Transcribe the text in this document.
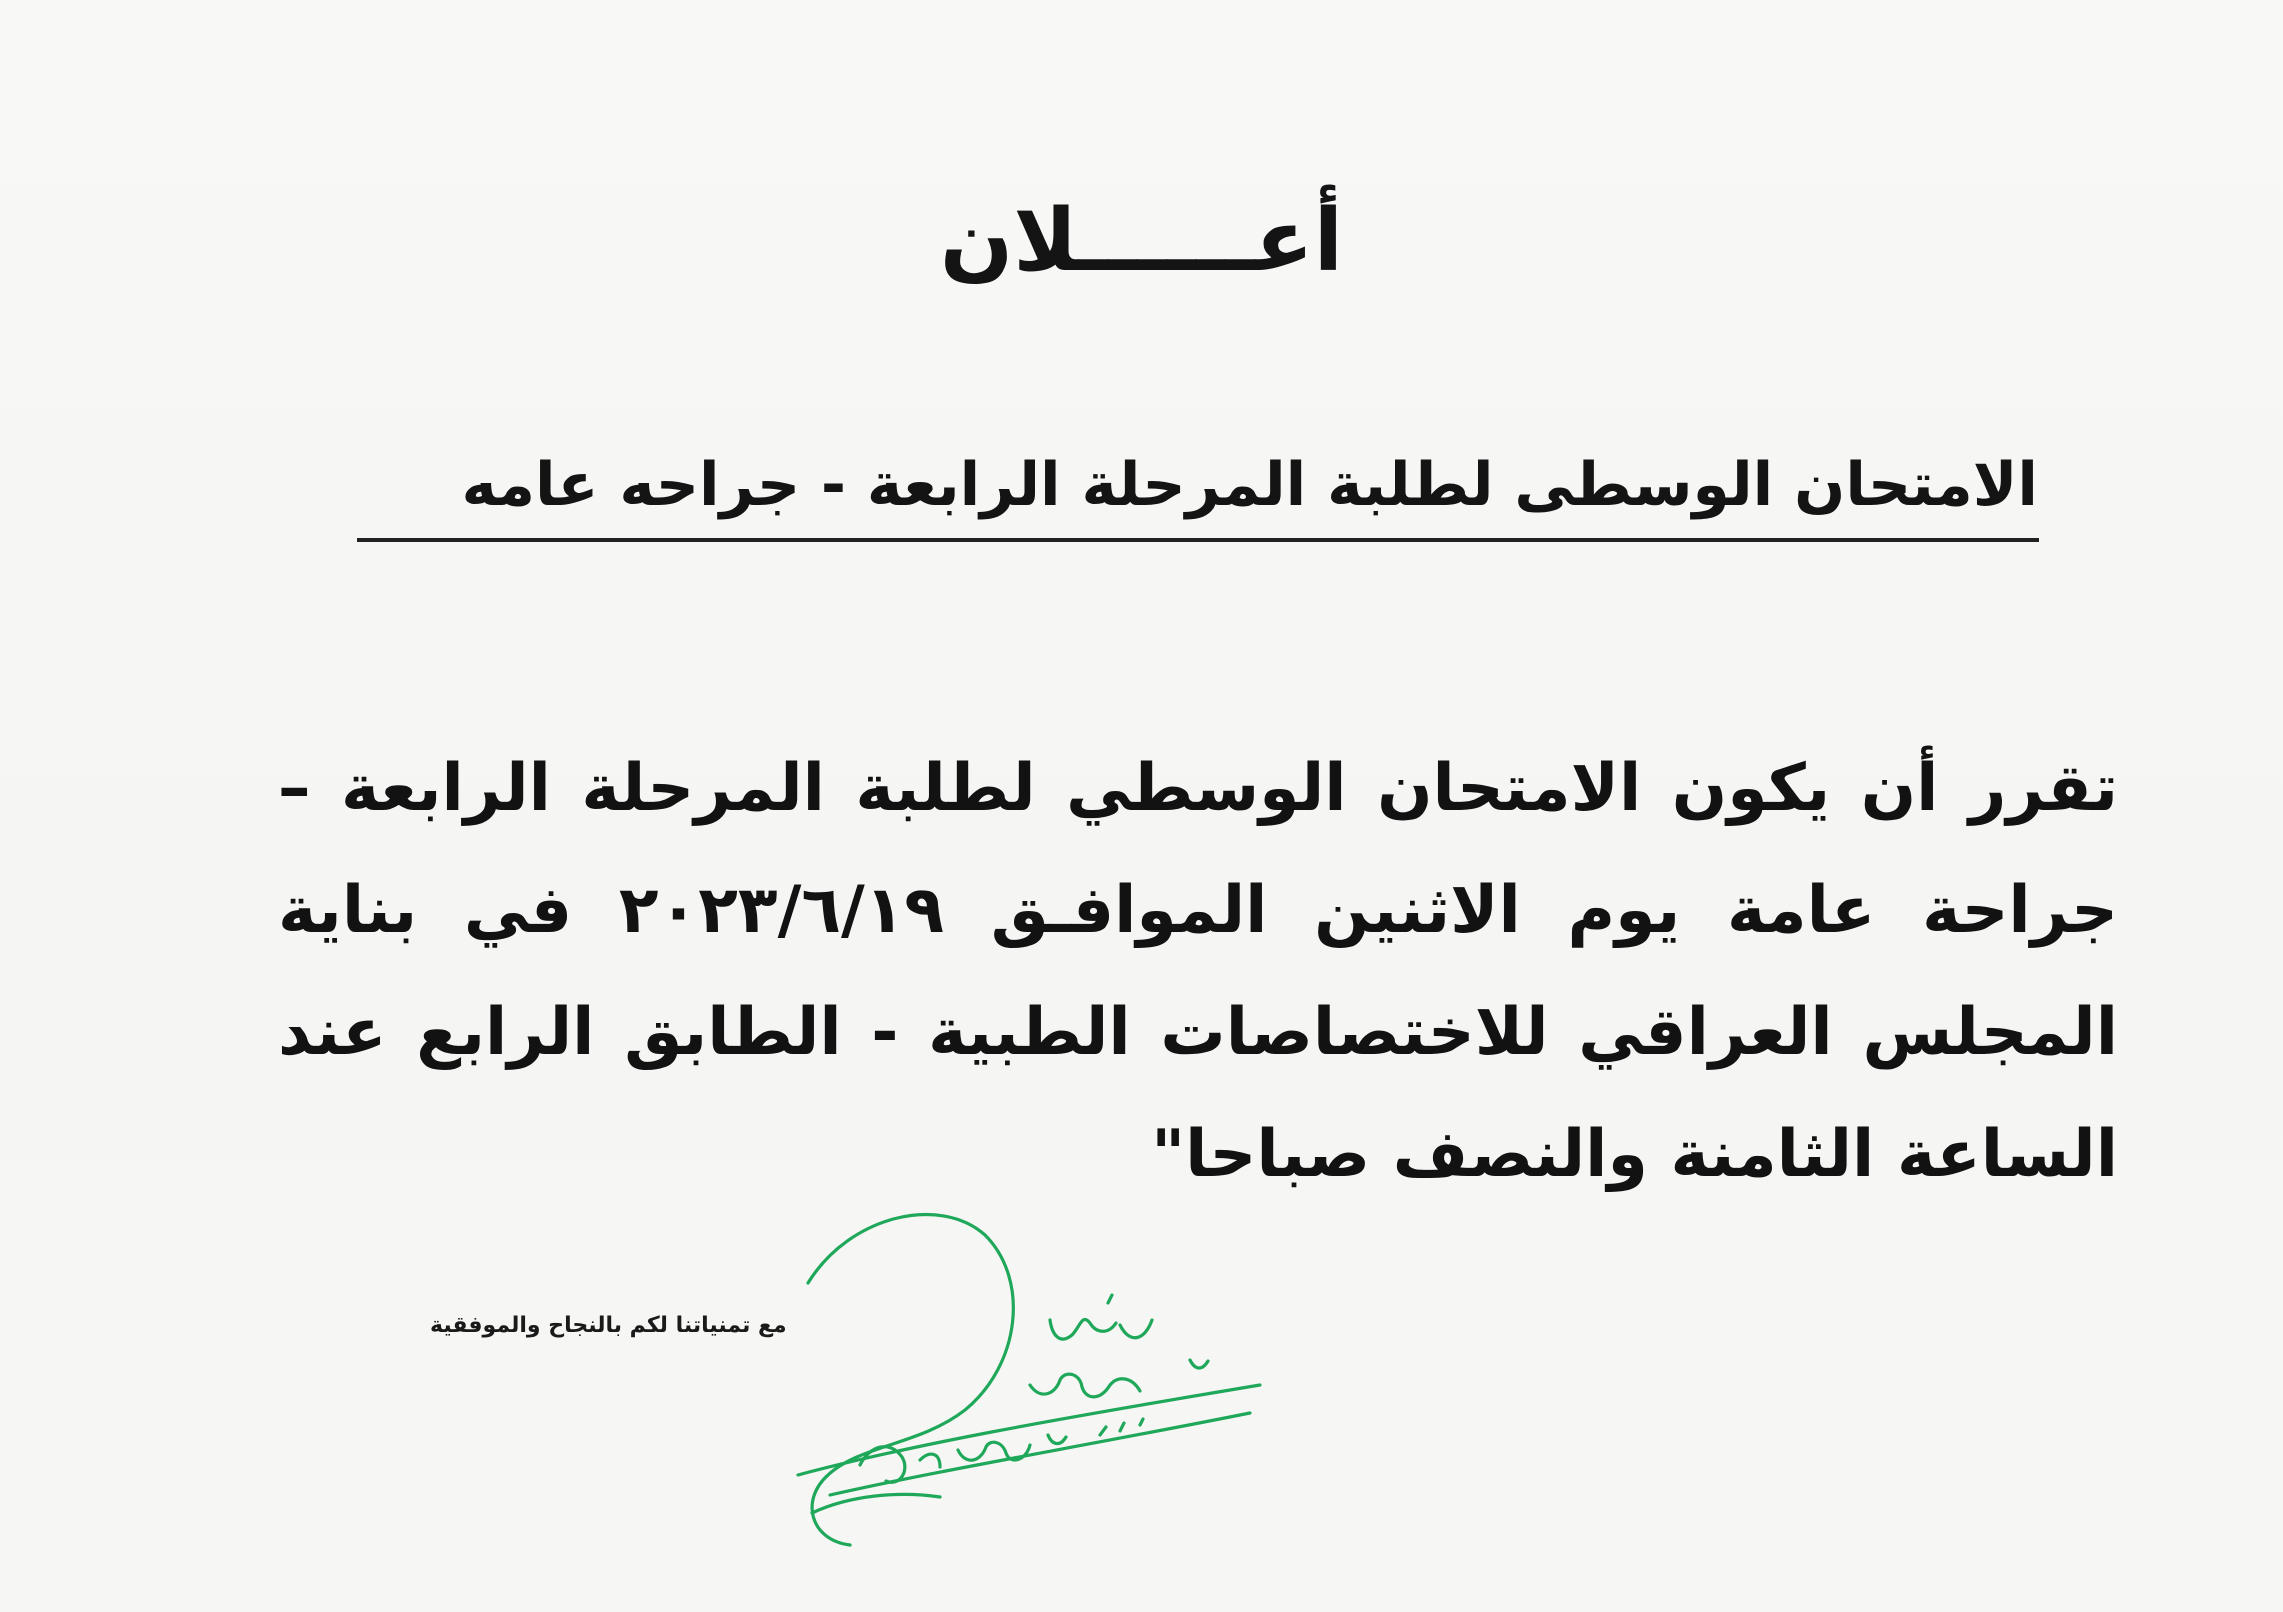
أعــــــلان
الامتحان الوسطى لطلبة المرحلة الرابعة - جراحه عامه
تقرر أن يكون الامتحان الوسطي لطلبة المرحلة الرابعة – جراحة عامة يوم الاثنين الموافـق ٢٠٢٣/٦/١٩ في بناية المجلس العراقي للاختصاصات الطبية - الطابق الرابع عند الساعة الثامنة والنصف صباحا"
مع تمنياتنا لكم بالنجاح والموفقية
